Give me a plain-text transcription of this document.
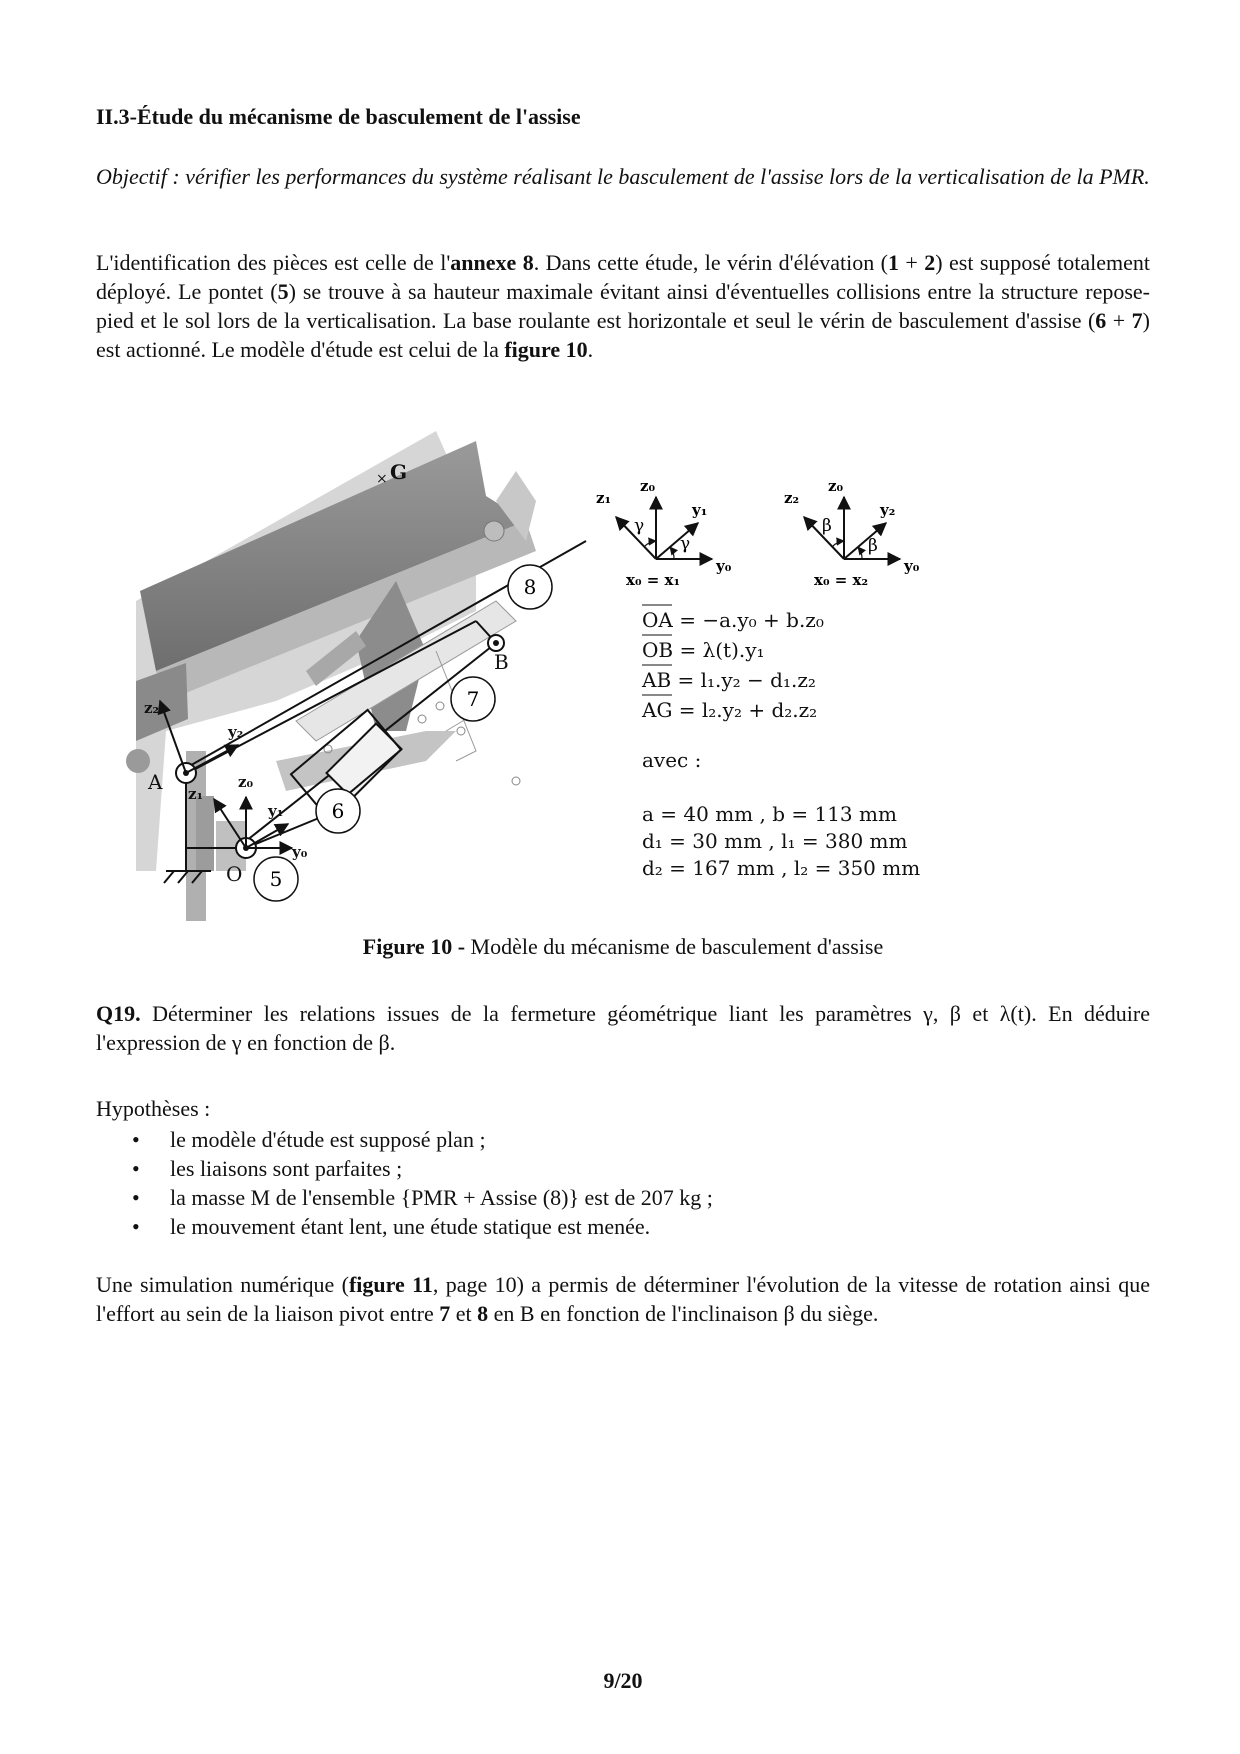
II.3-Étude du mécanisme de basculement de l'assise

Objectif : vérifier les performances du système réalisant le basculement de l'assise lors de la verticalisation de la PMR.

L'identification des pièces est celle de l'annexe 8. Dans cette étude, le vérin d'élévation (1 + 2) est supposé totalement déployé. Le pontet (5) se trouve à sa hauteur maximale évitant ainsi d'éventuelles collisions entre la structure repose-pied et le sol lors de la verticalisation. La base roulante est horizontale et seul le vérin de basculement d'assise (6 + 7) est actionné. Le modèle d'étude est celui de la figure 10.

× G
A
B
O
z₂
y₂
z₀
y₀
y₁
z₁
8
7
6
5
z₀
z₁
y₁
y₀
x₀ = x₁
γ
γ
z₀
z₂
y₂
y₀
x₀ = x₂
β
β
OA = −a.y₀ + b.z₀
OB = λ(t).y₁
AB = l₁.y₂ − d₁.z₂
AG = l₂.y₂ + d₂.z₂
avec :
a = 40 mm , b = 113 mm
d₁ = 30 mm , l₁ = 380 mm
d₂ = 167 mm , l₂ = 350 mm
Figure 10 - Modèle du mécanisme de basculement d'assise

Q19. Déterminer les relations issues de la fermeture géométrique liant les paramètres γ, β et λ(t). En déduire l'expression de γ en fonction de β.

Hypothèses :

• le modèle d'étude est supposé plan ;
• les liaisons sont parfaites ;
• la masse M de l'ensemble {PMR + Assise (8)} est de 207 kg ;
• le mouvement étant lent, une étude statique est menée.

Une simulation numérique (figure 11, page 10) a permis de déterminer l'évolution de la vitesse de rotation ainsi que l'effort au sein de la liaison pivot entre 7 et 8 en B en fonction de l'inclinaison β du siège.

9/20
